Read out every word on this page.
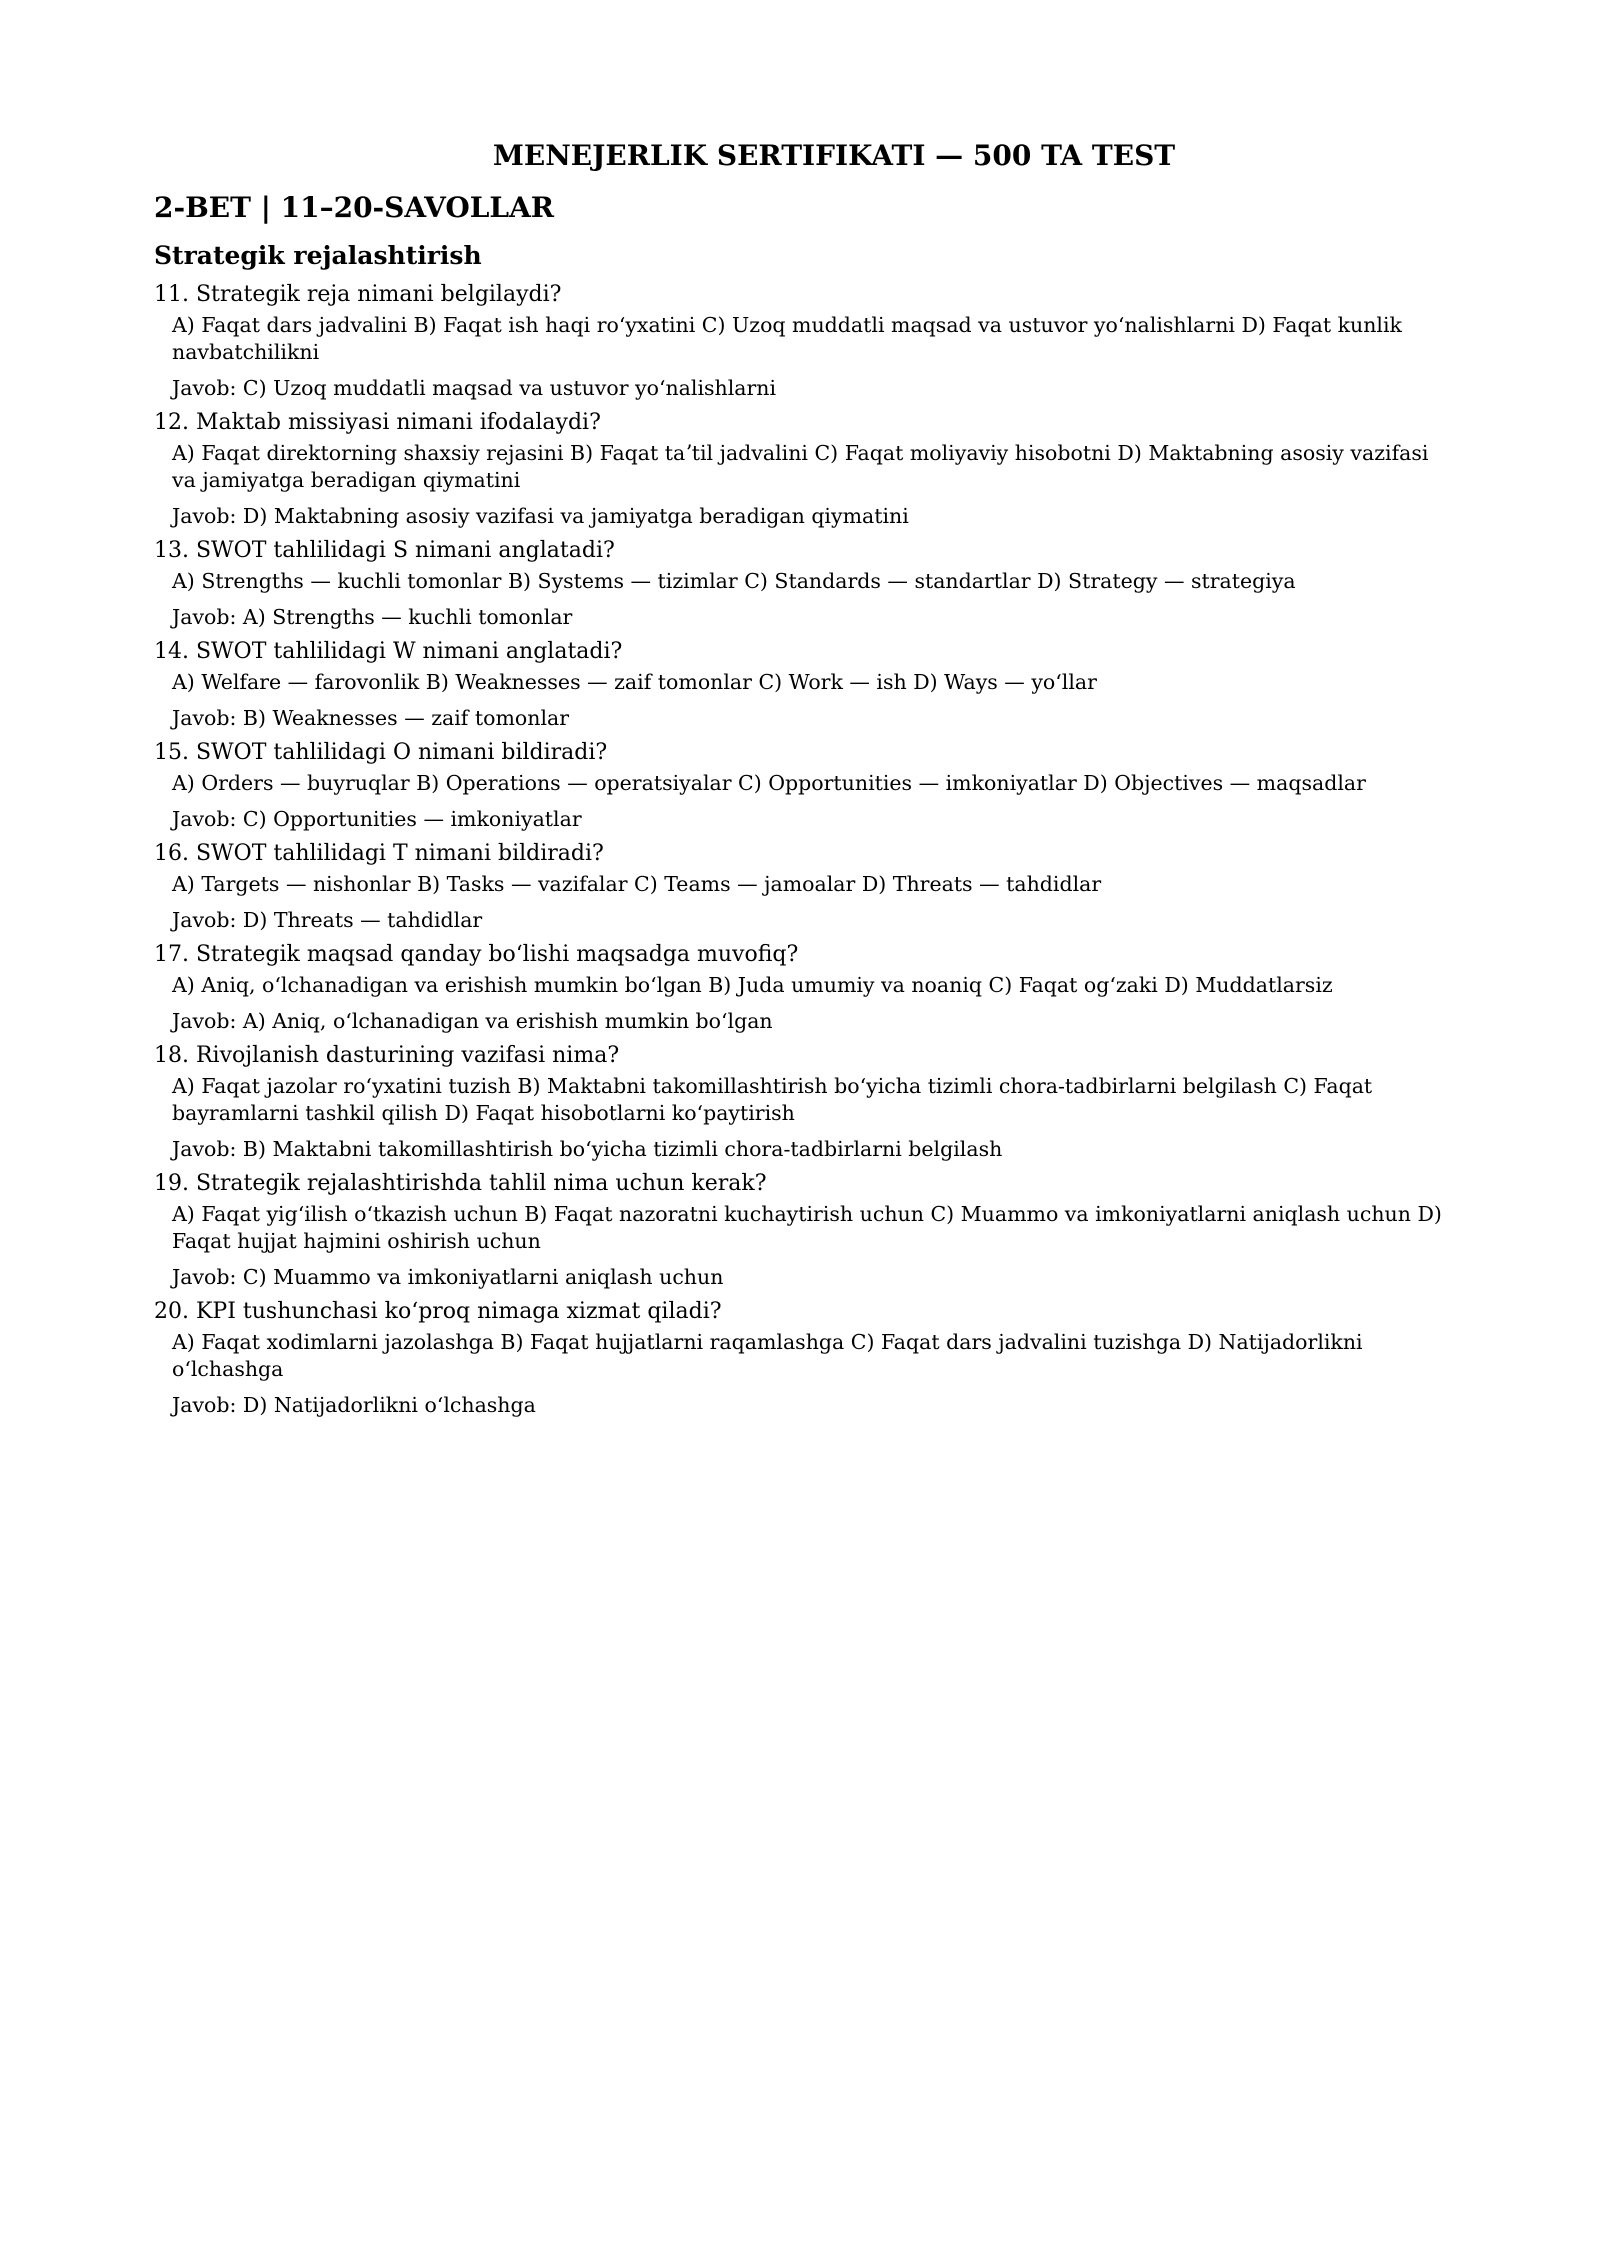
MENEJERLIK SERTIFIKATI — 500 TA TEST
2-BET | 11–20-SAVOLLAR
Strategik rejalashtirish

11. Strategik reja nimani belgilaydi?

A) Faqat dars jadvalini B) Faqat ish haqi roʻyxatini C) Uzoq muddatli maqsad va ustuvor yoʻnalishlarni D) Faqat kunlik navbatchilikni

Javob: C) Uzoq muddatli maqsad va ustuvor yoʻnalishlarni

12. Maktab missiyasi nimani ifodalaydi?

A) Faqat direktorning shaxsiy rejasini B) Faqat taʼtil jadvalini C) Faqat moliyaviy hisobotni D) Maktabning asosiy vazifasi va jamiyatga beradigan qiymatini

Javob: D) Maktabning asosiy vazifasi va jamiyatga beradigan qiymatini

13. SWOT tahlilidagi S nimani anglatadi?

A) Strengths — kuchli tomonlar B) Systems — tizimlar C) Standards — standartlar D) Strategy — strategiya

Javob: A) Strengths — kuchli tomonlar

14. SWOT tahlilidagi W nimani anglatadi?

A) Welfare — farovonlik B) Weaknesses — zaif tomonlar C) Work — ish D) Ways — yoʻllar

Javob: B) Weaknesses — zaif tomonlar

15. SWOT tahlilidagi O nimani bildiradi?

A) Orders — buyruqlar B) Operations — operatsiyalar C) Opportunities — imkoniyatlar D) Objectives — maqsadlar

Javob: C) Opportunities — imkoniyatlar

16. SWOT tahlilidagi T nimani bildiradi?

A) Targets — nishonlar B) Tasks — vazifalar C) Teams — jamoalar D) Threats — tahdidlar

Javob: D) Threats — tahdidlar

17. Strategik maqsad qanday boʻlishi maqsadga muvofiq?

A) Aniq, oʻlchanadigan va erishish mumkin boʻlgan B) Juda umumiy va noaniq C) Faqat ogʻzaki D) Muddatlarsiz

Javob: A) Aniq, oʻlchanadigan va erishish mumkin boʻlgan

18. Rivojlanish dasturining vazifasi nima?

A) Faqat jazolar roʻyxatini tuzish B) Maktabni takomillashtirish boʻyicha tizimli chora-tadbirlarni belgilash C) Faqat bayramlarni tashkil qilish D) Faqat hisobotlarni koʻpaytirish

Javob: B) Maktabni takomillashtirish boʻyicha tizimli chora-tadbirlarni belgilash

19. Strategik rejalashtirishda tahlil nima uchun kerak?

A) Faqat yigʻilish oʻtkazish uchun B) Faqat nazoratni kuchaytirish uchun C) Muammo va imkoniyatlarni aniqlash uchun D) Faqat hujjat hajmini oshirish uchun

Javob: C) Muammo va imkoniyatlarni aniqlash uchun

20. KPI tushunchasi koʻproq nimaga xizmat qiladi?

A) Faqat xodimlarni jazolashga B) Faqat hujjatlarni raqamlashga C) Faqat dars jadvalini tuzishga D) Natijadorlikni oʻlchashga

Javob: D) Natijadorlikni oʻlchashga
